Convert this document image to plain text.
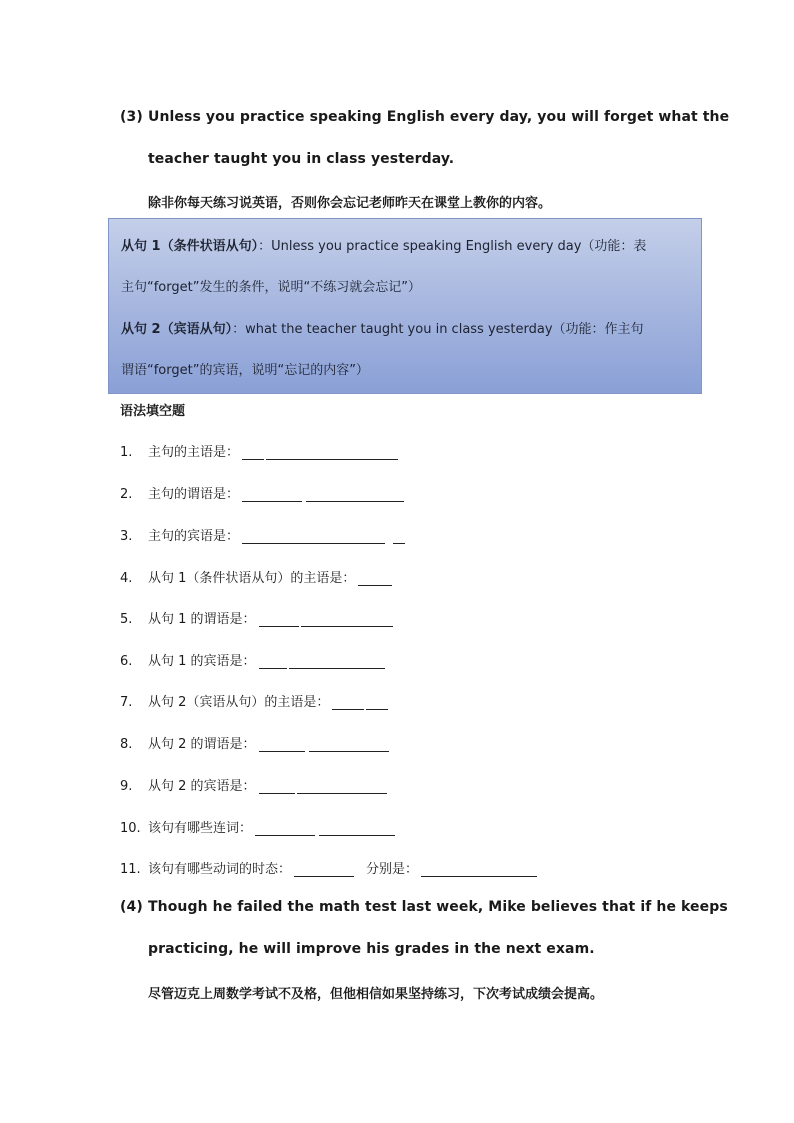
(3) Unless you practice speaking English every day, you will forget what the
teacher taught you in class yesterday.
除非你每天练习说英语，否则你会忘记老师昨天在课堂上教你的内容。
从句 1（条件状语从句）：Unless you practice speaking English every day（功能：表
主句“forget”发生的条件，说明“不练习就会忘记”）
从句 2（宾语从句）：what the teacher taught you in class yesterday（功能：作主句
谓语“forget”的宾语，说明“忘记的内容”）
语法填空题
1.	主句的主语是：
2.	主句的谓语是：
3.	主句的宾语是：
4.	从句 1（条件状语从句）的主语是：
5.	从句 1 的谓语是：
6.	从句 1 的宾语是：
7.	从句 2（宾语从句）的主语是：
8.	从句 2 的谓语是：
9.	从句 2 的宾语是：
10. 该句有哪些连词：
11. 该句有哪些动词的时态：	分别是：
(4) Though he failed the math test last week, Mike believes that if he keeps
practicing, he will improve his grades in the next exam.
尽管迈克上周数学考试不及格，但他相信如果坚持练习，下次考试成绩会提高。
